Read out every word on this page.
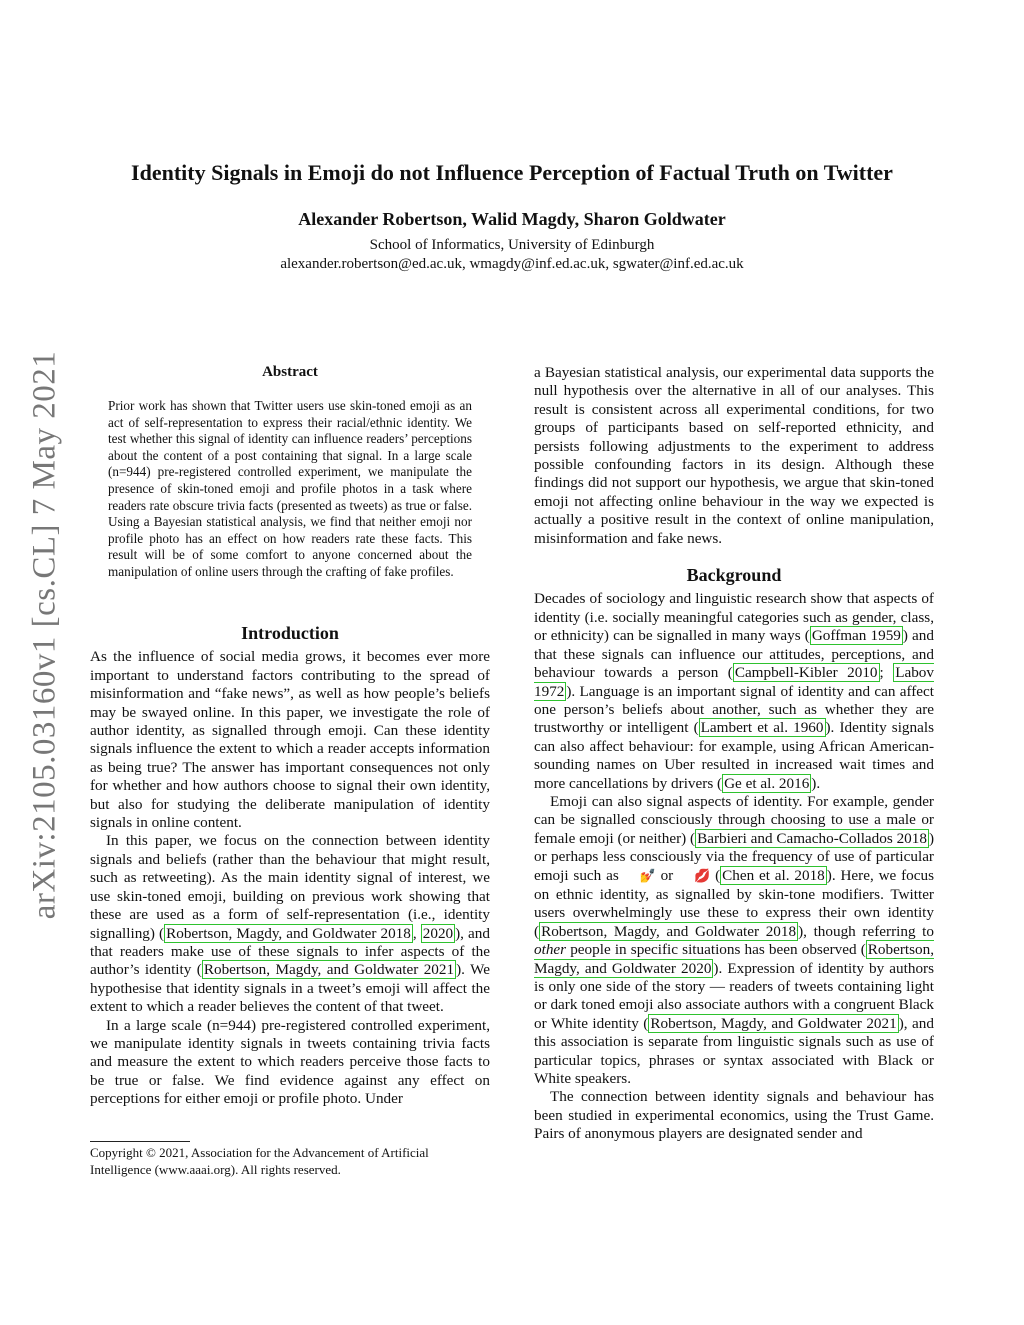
Identity Signals in Emoji do not Influence Perception of Factual Truth on Twitter
Alexander Robertson, Walid Magdy, Sharon Goldwater
School of Informatics, University of Edinburgh
alexander.robertson@ed.ac.uk, wmagdy@inf.ed.ac.uk, sgwater@inf.ed.ac.uk
arXiv:2105.03160v1 [cs.CL] 7 May 2021	Abstract

Prior work has shown that Twitter users use skin-toned emoji as an act of self-representation to express their racial/ethnic identity. We test whether this signal of identity can influence readers’ perceptions about the content of a post containing that signal. In a large scale (n=944) pre-registered controlled experiment, we manipulate the presence of skin-toned emoji and profile photos in a task where readers rate obscure trivia facts (presented as tweets) as true or false. Using a Bayesian statistical analysis, we find that neither emoji nor profile photo has an effect on how readers rate these facts. This result will be of some comfort to anyone concerned about the manipulation of online users through the crafting of fake profiles.

Introduction

As the influence of social media grows, it becomes ever more important to understand factors contributing to the spread of misinformation and “fake news”, as well as how people’s beliefs may be swayed online. In this paper, we investigate the role of author identity, as signalled through emoji. Can these identity signals influence the extent to which a reader accepts information as being true? The answer has important consequences not only for whether and how authors choose to signal their own identity, but also for studying the deliberate manipulation of identity signals in online content.

In this paper, we focus on the connection between identity signals and beliefs (rather than the behaviour that might result, such as retweeting). As the main identity signal of interest, we use skin-toned emoji, building on previous work showing that these are used as a form of self-representation (i.e., identity signalling) ( Robertson, Magdy, and Goldwater 2018 , 2020 ), and that readers make use of these signals to infer aspects of the author’s identity ( Robertson, Magdy, and Goldwater 2021 ). We hypothesise that identity signals in a tweet’s emoji will affect the extent to which a reader believes the content of that tweet.

In a large scale (n=944) pre-registered controlled experiment, we manipulate identity signals in tweets containing trivia facts and measure the extent to which readers perceive those facts to be true or false. We find evidence against any effect on perceptions for either emoji or profile photo. Under

Copyright © 2021, Association for the Advancement of Artificial Intelligence (www.aaai.org). All rights reserved.

a Bayesian statistical analysis, our experimental data supports the null hypothesis over the alternative in all of our analyses. This result is consistent across all experimental conditions, for two groups of participants based on self-reported ethnicity, and persists following adjustments to the experiment to address possible confounding factors in its design. Although these findings did not support our hypothesis, we argue that skin-toned emoji not affecting online behaviour in the way we expected is actually a positive result in the context of online manipulation, misinformation and fake news.

Background

Decades of sociology and linguistic research show that aspects of identity (i.e. socially meaningful categories such as gender, class, or ethnicity) can be signalled in many ways ( Goffman 1959 ) and that these signals can influence our attitudes, perceptions, and behaviour towards a person ( Campbell-Kibler 2010 ; Labov 1972 ). Language is an important signal of identity and can affect one person’s beliefs about another, such as whether they are trustworthy or intelligent ( Lambert et al. 1960 ). Identity signals can also affect behaviour: for example, using African American-sounding names on Uber resulted in increased wait times and more cancellations by drivers ( Ge et al. 2016 ).

Emoji can also signal aspects of identity. For example, gender can be signalled consciously through choosing to use a male or female emoji (or neither) ( Barbieri and Camacho-Collados 2018 ) or perhaps less consciously via the frequency of use of particular emoji such as 💅 or 💋 ( Chen et al. 2018 ). Here, we focus on ethnic identity, as signalled by skin-tone modifiers. Twitter users overwhelmingly use these to express their own identity ( Robertson, Magdy, and Goldwater 2018 ), though referring to other people in specific situations has been observed ( Robertson, Magdy, and Goldwater 2020 ). Expression of identity by authors is only one side of the story — readers of tweets containing light or dark toned emoji also associate authors with a congruent Black or White identity ( Robertson, Magdy, and Goldwater 2021 ), and this association is separate from linguistic signals such as use of particular topics, phrases or syntax associated with Black or White speakers.

The connection between identity signals and behaviour has been studied in experimental economics, using the Trust Game. Pairs of anonymous players are designated sender and
